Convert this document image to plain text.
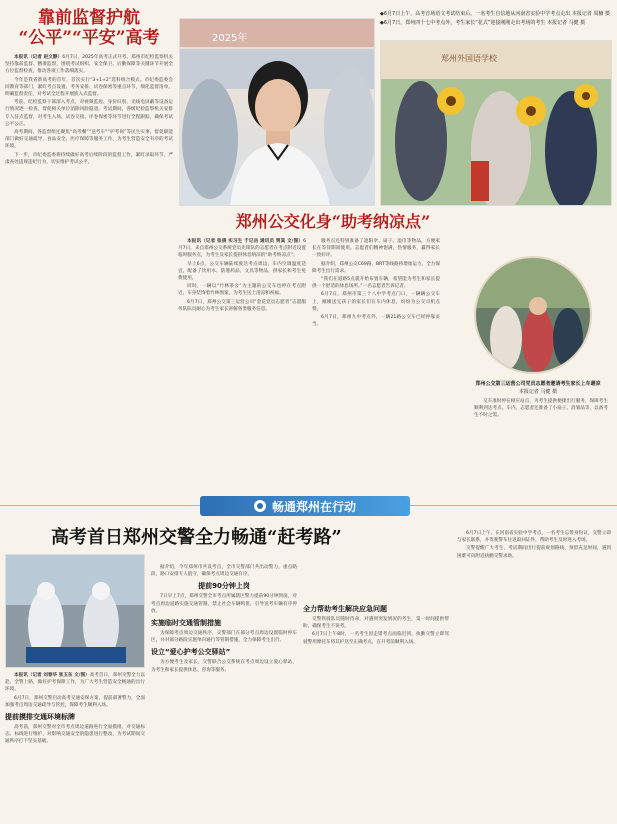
靠前监督护航
“公平”“平安”高考

本报讯（记者 赵文静）6月7日，2025年高考正式开考。郑州市纪检监察机关坚持靠前监督、精准监督，围绕考试组织、安全保卫、后勤保障等关键环节开展全方位监督检查，推动各项工作落细落实。

今年是我省新高考的首年，首次实行“3+1+2”选科组合模式。市纪委监委会同教育等部门，紧盯考点设置、考务安排、试卷保密等重点环节，细化监督清单，明确监督责任，对考试全过程开展嵌入式监督。

考前，纪检监察干部深入考点，对视频监控、身份识别、无线电屏蔽等设备运行情况逐一检查，督促相关单位消除风险隐患。考试期间，各级纪检监察机关安排专人驻点监督，对考生入场、试卷交接、评卷保密等环节进行全程跟踪，确保考试公平公正。

高考期间，各监督组还聚焦“高考餐”“送考车”“护考岗”等民生实事，督促职能部门做好交通疏导、食品安全、医疗保障等服务工作，为考生营造安全有序的考试环境。

下一步，市纪委监委将持续做好高考后续阶段的监督工作，紧盯录取环节，严肃查处违规违纪行为，切实维护考试公平。

2025年
郑州外国语学校
◆6月7日上午，高考首场语文考试结束后，一名考生自信地从河南省实验中学考点走出 本报记者 周楠 摄
◆6月7日，郑州四十七中考点外，考生家长“花式”迎接刚刚走出考场的考生 本报记者 马健 摄
郑州公交化身“助考纳凉点”

本报讯（记者 张倩 实习生 于记岳 通讯员 贾真 文/图）6月7日，来自郑州公交系统党员先锋队的志愿者在考点附近设置临时服务点，为考生及家长提供休息纳凉的“助考纳凉点”。

早上6点，公交车辆陆续驶达考点周边，车内空调温度适宜，配备了饮用水、防暑药品、文具等物品，供家长和考生免费使用。

同时，一辆以“竹林茶舍”为主题的公交车也停在考点附近，车身装饰着竹林图案，为考生送上清凉和祝福。

6月7日，郑州公交第三运营公司“金花党员志愿者”志愿服务队队员耐心为考生家长讲解各类服务信息。

服务点还特别准备了遮阳伞、扇子、湿巾等物品，方便家长在等待期间使用。志愿者们精神饱满，热情服务，赢得家长一致好评。

据介绍，郑州公交C69路、BRT等线路将增加运力，全力保障考生出行需求。

“我们在道路5点就开始布置车辆，希望能为考生和家长提供一个舒适的休息场所。”一名志愿者告诉记者。

6月7日，郑州市第三十八中学考点门口，一辆辆公交车上，刚刚送完孩子的家长们在车内休息，纷纷为公交司机点赞。

6月7日，郑州九中考点外，一辆21路公交车已经停靠妥当。

郑州公交第三运营公司党员志愿者邀请考生家长上车避凉
本报记者 马健 摄

交车准时停在相应站点，为考生提供便捷出行服务，保障考生顺利到达考点。车内，志愿者还准备了小扇子、消暑品等，以备考生不时之需。

畅通郑州在行动
高考首日郑州交警全力畅通“赶考路”

本报讯（记者 刘春华 张玉东 文/图）高考首日，郑州交警全力以赴、全警上路，做好护考保障工作，为广大考生营造安全畅通的出行环境。

6月7日，郑州交警启动高考交通安保方案，提前部署警力，全面加强考点周边交通疏导与管控，保障考生顺利入场。

提前摸排交通环境标牌

高考前，郑州交警对全市考点周边道路进行全面摸排，对交通标志、标线进行维护，对影响交通安全的隐患进行整改，为考试期间交通秩序打下坚实基础。

据介绍，今年郑州市共设考点，全市交警部门共出动警力，重点路段、路口安排专人值守，确保考点周边交通有序。

提前90分钟上岗

7日早上7点，郑州交警全市考点所属辖区警力提前90分钟到岗，对考点周边道路实施交通管制，禁止社会车辆鸣笛，引导送考车辆有序停放。

实施临时交通管制措施

为保障考点周边交通秩序，交警部门在部分考点周边设置临时停车区，并对部分路段实施单向通行等管制措施，全力保障考生出行。

设立“爱心护考公交驿站”

为方便考生及家长，交警联合公交系统在考点周边设立爱心驿站，为考生和家长提供休息、咨询等服务。

全力帮助考生解决应急问题

交警铁骑队员随时待命，对遇到突发情况的考生，第一时间提供帮助，确保考生不误考。

6月7日上午8时，一名考生因走错考点面临迟到，执勤交警立即驾驶警用摩托车将其护送至正确考点，在开考前顺利入场。

6月7日上午，在河南省实验中学考点，一名考生忘带身份证，交警立即与家长联系，并驾驶警车往返取回证件，帮助考生及时进入考场。

交警提醒广大考生，考试期间出行提前规划路线，预留充足时间，遇到困难可向附近执勤交警求助。
